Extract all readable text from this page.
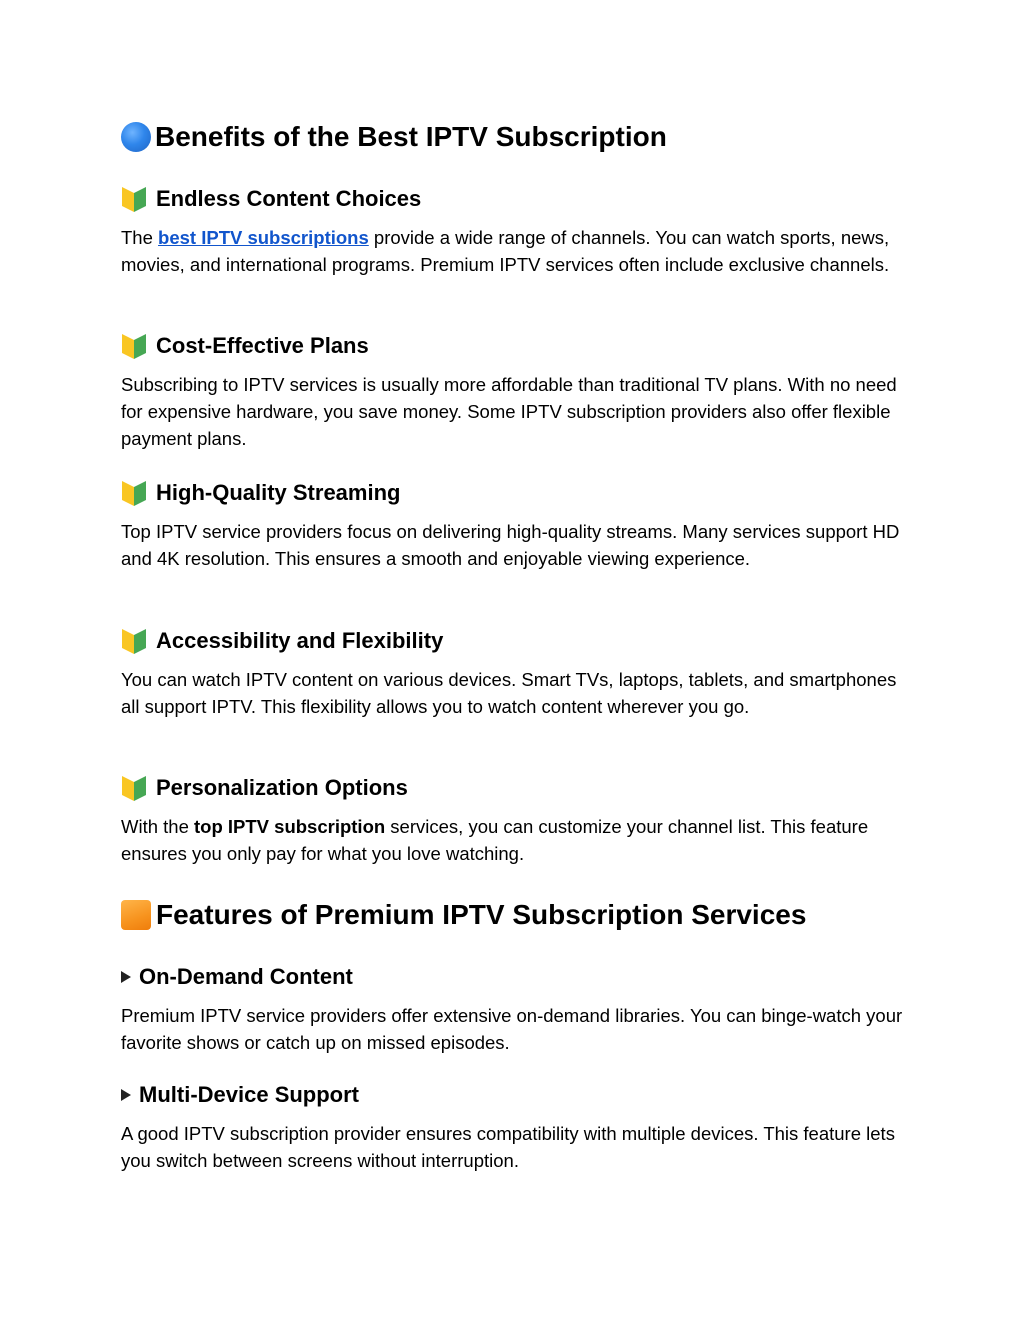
Benefits of the Best IPTV Subscription
Endless Content Choices

The best IPTV subscriptions provide a wide range of channels. You can watch sports, news, movies, and international programs. Premium IPTV services often include exclusive channels.

Cost-Effective Plans

Subscribing to IPTV services is usually more affordable than traditional TV plans. With no need for expensive hardware, you save money. Some IPTV subscription providers also offer flexible payment plans.

High-Quality Streaming

Top IPTV service providers focus on delivering high-quality streams. Many services support HD and 4K resolution. This ensures a smooth and enjoyable viewing experience.

Accessibility and Flexibility

You can watch IPTV content on various devices. Smart TVs, laptops, tablets, and smartphones all support IPTV. This flexibility allows you to watch content wherever you go.

Personalization Options

With the top IPTV subscription services, you can customize your channel list. This feature ensures you only pay for what you love watching.

Features of Premium IPTV Subscription Services
On-Demand Content

Premium IPTV service providers offer extensive on-demand libraries. You can binge-watch your favorite shows or catch up on missed episodes.

Multi-Device Support

A good IPTV subscription provider ensures compatibility with multiple devices. This feature lets you switch between screens without interruption.
